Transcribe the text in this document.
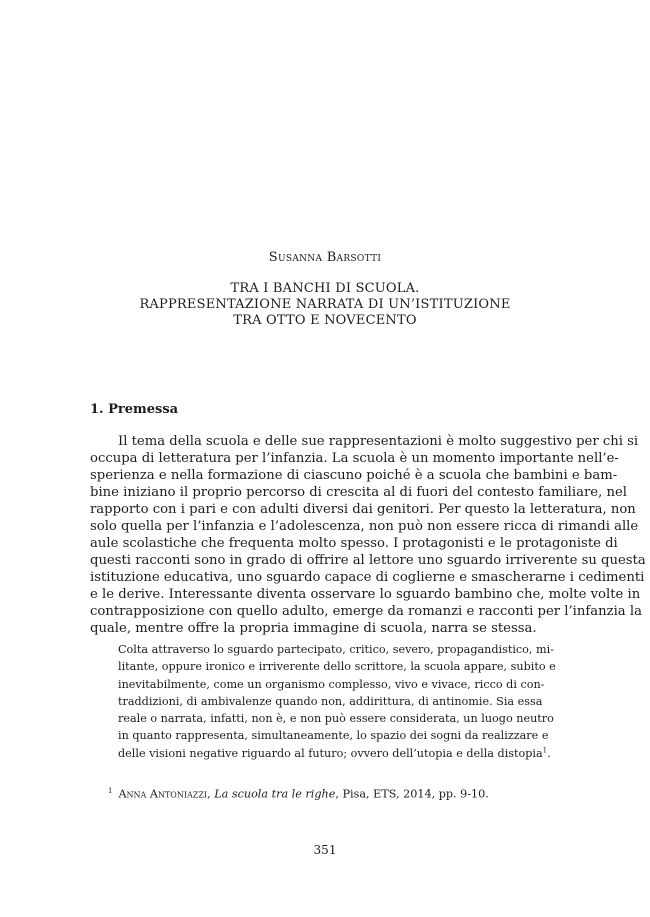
Susanna Barsotti
TRA I BANCHI DI SCUOLA.
RAPPRESENTAZIONE NARRATA DI UN’ISTITUZIONE
TRA OTTO E NOVECENTO
1. Premessa
Il tema della scuola e delle sue rappresentazioni è molto suggestivo per chi si
occupa di letteratura per l’infanzia. La scuola è un momento importante nell’e-
sperienza e nella formazione di ciascuno poiché è a scuola che bambini e bam-
bine iniziano il proprio percorso di crescita al di fuori del contesto familiare, nel
rapporto con i pari e con adulti diversi dai genitori. Per questo la letteratura, non
solo quella per l’infanzia e l’adolescenza, non può non essere ricca di rimandi alle
aule scolastiche che frequenta molto spesso. I protagonisti e le protagoniste di
questi racconti sono in grado di offrire al lettore uno sguardo irriverente su questa
istituzione educativa, uno sguardo capace di coglierne e smascherarne i cedimenti
e le derive. Interessante diventa osservare lo sguardo bambino che, molte volte in
contrapposizione con quello adulto, emerge da romanzi e racconti per l’infanzia la
quale, mentre offre la propria immagine di scuola, narra se stessa.
Colta attraverso lo sguardo partecipato, critico, severo, propagandistico, mi-
litante, oppure ironico e irriverente dello scrittore, la scuola appare, subito e
inevitabilmente, come un organismo complesso, vivo e vivace, ricco di con-
traddizioni, di ambivalenze quando non, addirittura, di antinomie. Sia essa
reale o narrata, infatti, non è, e non può essere considerata, un luogo neutro
in quanto rappresenta, simultaneamente, lo spazio dei sogni da realizzare e
delle visioni negative riguardo al futuro; ovvero dell’utopia e della distopia$^1$.
$^1$ Anna Antoniazzi, La scuola tra le righe, Pisa, ETS, 2014, pp. 9-10.
351
